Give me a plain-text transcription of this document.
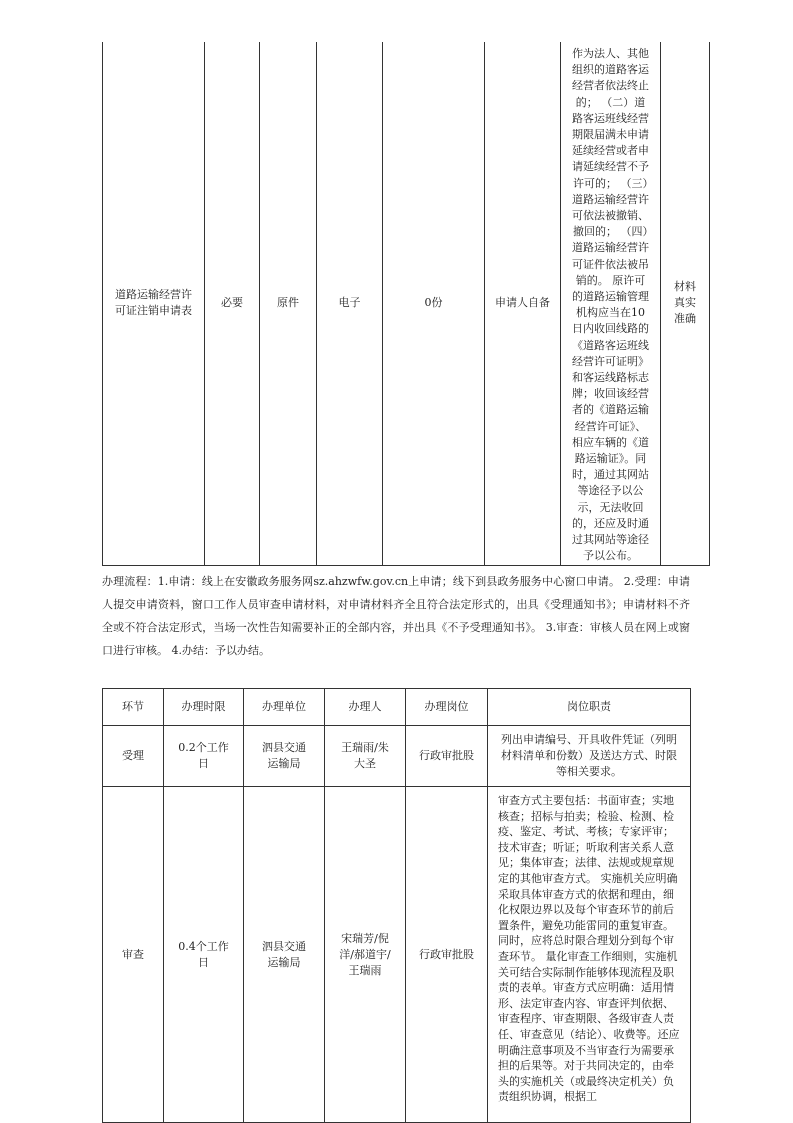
道路运输经营许可证注销申请表	必要	原件	电子	0份	申请人自备	作为法人、其他组织的道路客运经营者依法终止的； （二）道路客运班线经营期限届满未申请延续经营或者申请延续经营不予许可的； （三）道路运输经营许可依法被撤销、撤回的； （四）道路运输经营许可证件依法被吊销的。 原许可的道路运输管理机构应当在10日内收回线路的《道路客运班线经营许可证明》和客运线路标志牌；收回该经营者的《道路运输经营许可证》、相应车辆的《道路运输证》。同时，通过其网站等途径予以公示，无法收回的，还应及时通过其网站等途径予以公布。	材料真实准确
办理流程：1.申请：线上在安徽政务服务网sz.ahzwfw.gov.cn上申请；线下到县政务服务中心窗口申请。 2.受理：申请人提交申请资料，窗口工作人员审查申请材料，对申请材料齐全且符合法定形式的，出具《受理通知书》；申请材料不齐全或不符合法定形式，当场一次性告知需要补正的全部内容，并出具《不予受理通知书》。 3.审查：审核人员在网上或窗口进行审核。 4.办结：予以办结。
环节	办理时限	办理单位	办理人	办理岗位	岗位职责
受理	0.2个工作日	泗县交通运输局	王瑞雨/朱大圣	行政审批股	列出申请编号、开具收件凭证（列明材料清单和份数）及送达方式、时限等相关要求。
审查	0.4个工作日	泗县交通运输局	宋瑞芳/倪洋/郝道宇/王瑞雨	行政审批股	审查方式主要包括：书面审查；实地核查；招标与拍卖；检验、检测、检疫、鉴定、考试、考核；专家评审；技术审查；听证；听取利害关系人意见；集体审查；法律、法规或规章规定的其他审查方式。 实施机关应明确采取具体审查方式的依据和理由，细化权限边界以及每个审查环节的前后置条件，避免功能雷同的重复审查。同时，应将总时限合理划分到每个审查环节。 量化审查工作细则，实施机关可结合实际制作能够体现流程及职责的表单。审查方式应明确：适用情形、法定审查内容、审查评判依据、审查程序、审查期限、各级审查人责任、审查意见（结论）、收费等。还应明确注意事项及不当审查行为需要承担的后果等。对于共同决定的，由牵头的实施机关（或最终决定机关）负责组织协调，根据工
